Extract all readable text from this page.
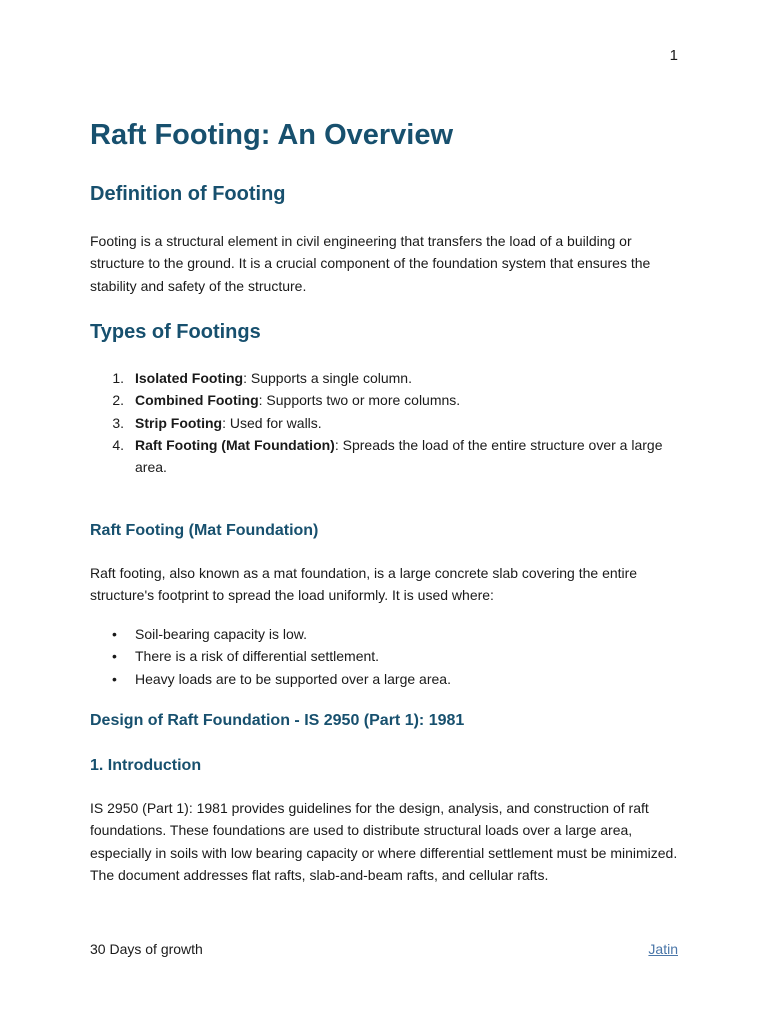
1
Raft Footing: An Overview
Definition of Footing

Footing is a structural element in civil engineering that transfers the load of a building or structure to the ground. It is a crucial component of the foundation system that ensures the stability and safety of the structure.

Types of Footings
1. Isolated Footing: Supports a single column.
2. Combined Footing: Supports two or more columns.
3. Strip Footing: Used for walls.
4. Raft Footing (Mat Foundation): Spreads the load of the entire structure over a large area.
Raft Footing (Mat Foundation)

Raft footing, also known as a mat foundation, is a large concrete slab covering the entire structure's footprint to spread the load uniformly. It is used where:

• Soil-bearing capacity is low.
• There is a risk of differential settlement.
• Heavy loads are to be supported over a large area.
Design of Raft Foundation - IS 2950 (Part 1): 1981
1. Introduction

IS 2950 (Part 1): 1981 provides guidelines for the design, analysis, and construction of raft foundations. These foundations are used to distribute structural loads over a large area, especially in soils with low bearing capacity or where differential settlement must be minimized. The document addresses flat rafts, slab-and-beam rafts, and cellular rafts.

30 Days of growth	Jatin
